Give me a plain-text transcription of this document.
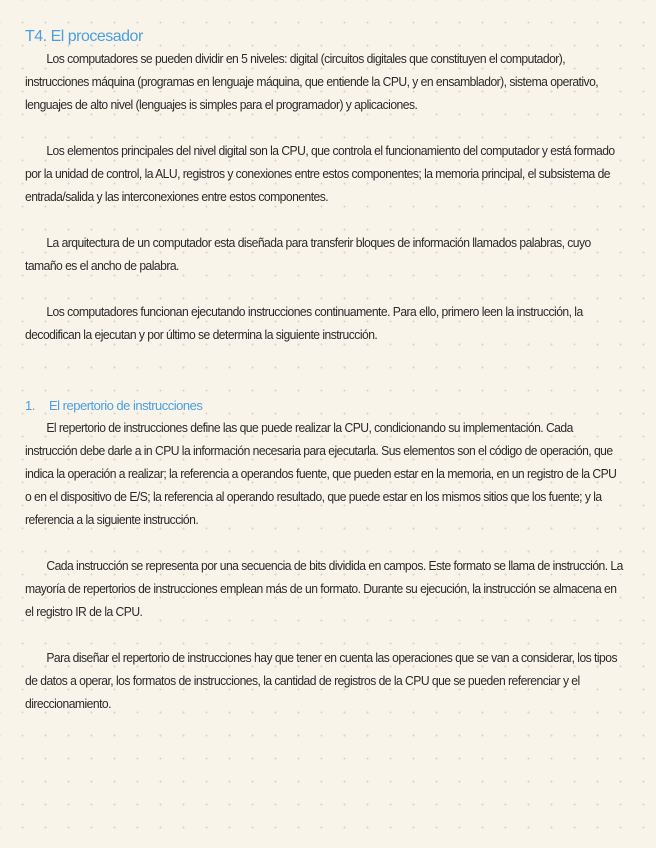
T4. El procesador

Los computadores se pueden dividir en 5 niveles: digital (circuitos digitales que constituyen el computador), instrucciones máquina (programas en lenguaje máquina, que entiende la CPU, y en ensamblador), sistema operativo, lenguajes de alto nivel (lenguajes is simples para el programador) y aplicaciones.

Los elementos principales del nivel digital son la CPU, que controla el funcionamiento del computador y está formado por la unidad de control, la ALU, registros y conexiones entre estos componentes; la memoria principal, el subsistema de entrada/salida y las interconexiones entre estos componentes.

La arquitectura de un computador esta diseñada para transferir bloques de información llamados palabras, cuyo tamaño es el ancho de palabra.

Los computadores funcionan ejecutando instrucciones continuamente. Para ello, primero leen la instrucción, la decodifican la ejecutan y por último se determina la siguiente instrucción.

1. El repertorio de instrucciones

El repertorio de instrucciones define las que puede realizar la CPU, condicionando su implementación. Cada instrucción debe darle a in CPU la información necesaria para ejecutarla. Sus elementos son el código de operación, que indica la operación a realizar; la referencia a operandos fuente, que pueden estar en la memoria, en un registro de la CPU o en el dispositivo de E/S; la referencia al operando resultado, que puede estar en los mismos sitios que los fuente; y la referencia a la siguiente instrucción.

Cada instrucción se representa por una secuencia de bits dividida en campos. Este formato se llama de instrucción. La mayoría de repertorios de instrucciones emplean más de un formato. Durante su ejecución, la instrucción se almacena en el registro IR de la CPU.

Para diseñar el repertorio de instrucciones hay que tener en cuenta las operaciones que se van a considerar, los tipos de datos a operar, los formatos de instrucciones, la cantidad de registros de la CPU que se pueden referenciar y el direccionamiento.
